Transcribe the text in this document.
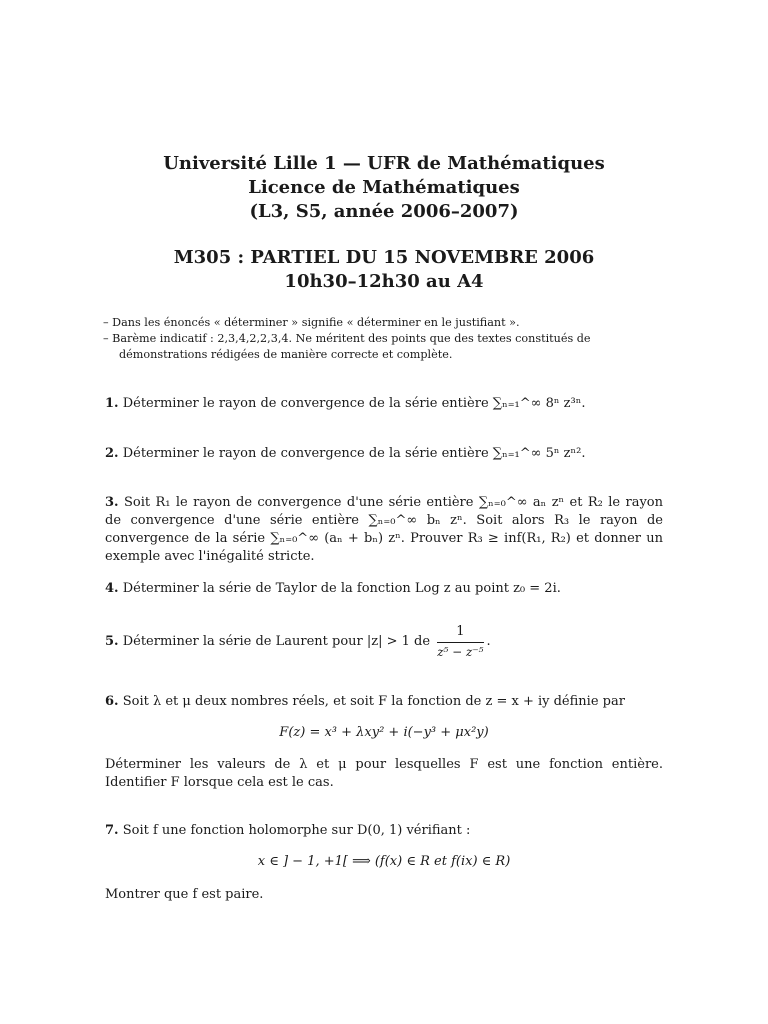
Université Lille 1 — UFR de Mathématiques
Licence de Mathématiques
(L3, S5, année 2006–2007)
M305 : PARTIEL DU 15 NOVEMBRE 2006
10h30–12h30 au A4

– Dans les énoncés « déterminer » signifie « déterminer en le justifiant ».

– Barème indicatif : 2,3,4,2,2,3,4. Ne méritent des points que des textes constitués de démonstrations rédigées de manière correcte et complète.

1. Déterminer le rayon de convergence de la série entière ∑ₙ₌₁^∞ 8ⁿ z³ⁿ.
2. Déterminer le rayon de convergence de la série entière ∑ₙ₌₁^∞ 5ⁿ zⁿ².
3. Soit R₁ le rayon de convergence d'une série entière ∑ₙ₌₀^∞ aₙ zⁿ et R₂ le rayon de convergence d'une série entière ∑ₙ₌₀^∞ bₙ zⁿ. Soit alors R₃ le rayon de convergence de la série ∑ₙ₌₀^∞ (aₙ + bₙ) zⁿ. Prouver R₃ ≥ inf(R₁, R₂) et donner un exemple avec l'inégalité stricte.
4. Déterminer la série de Taylor de la fonction Log z au point z₀ = 2i.
5. Déterminer la série de Laurent pour |z| > 1 de $\frac{1}{\text{z⁵ − z⁻⁵}}$ .
6. Soit λ et μ deux nombres réels, et soit F la fonction de z = x + iy définie par
F(z) = x³ + λxy² + i(−y³ + μx²y)
Déterminer les valeurs de λ et μ pour lesquelles F est une fonction entière. Identifier F lorsque cela est le cas.
7. Soit f une fonction holomorphe sur D(0, 1) vérifiant :
x ∈ ] − 1, +1[ ⟹ (f(x) ∈ R et f(ix) ∈ R)
Montrer que f est paire.
